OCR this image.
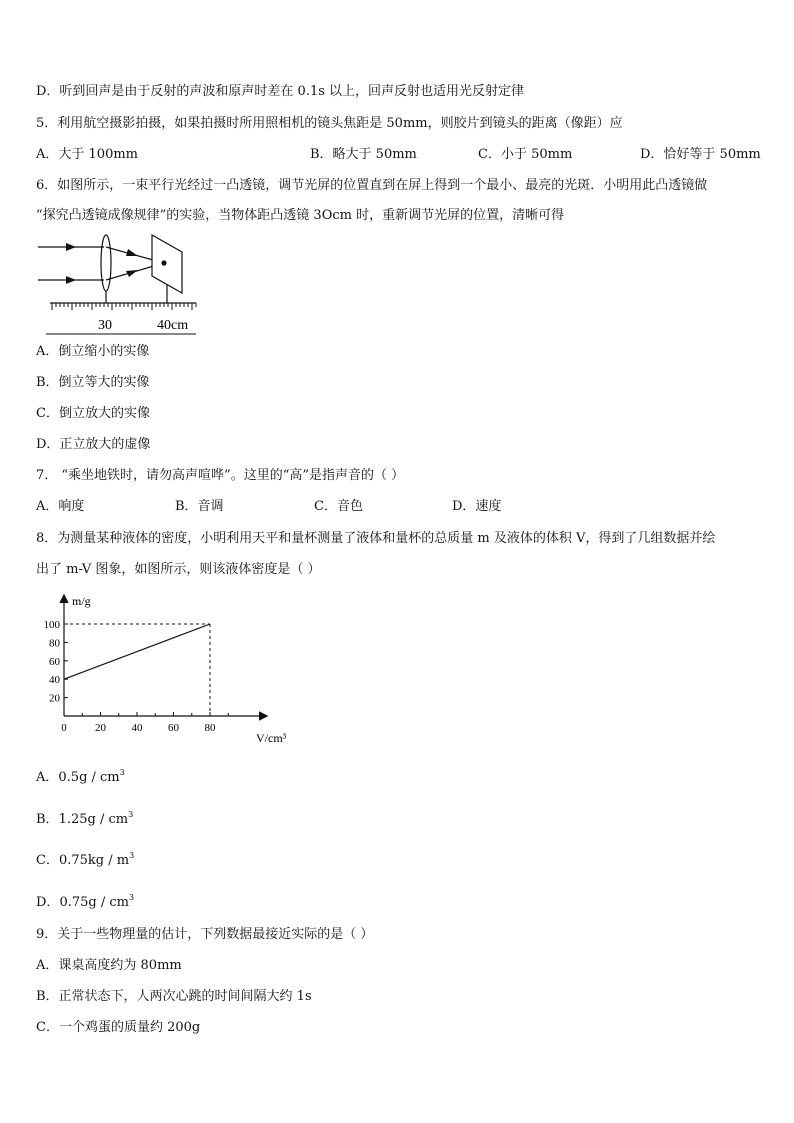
D．听到回声是由于反射的声波和原声时差在 0.1s 以上，回声反射也适用光反射定律
5．利用航空摄影拍摄，如果拍摄时所用照相机的镜头焦距是 50mm，则胶片到镜头的距离（像距）应
A．大于 100mm	B．略大于 50mm	C．小于 50mm	D．恰好等于 50mm
6．如图所示，一束平行光经过一凸透镜，调节光屏的位置直到在屏上得到一个最小、最亮的光斑．小明用此凸透镜做
“探究凸透镜成像规律”的实验，当物体距凸透镜 3Ocm 时，重新调节光屏的位置，清晰可得
30	40cm
A．倒立缩小的实像
B．倒立等大的实像
C．倒立放大的实像
D．正立放大的虚像
7． “乘坐地铁时，请勿高声喧哗”。这里的“高”是指声音的（ ）
A．响度	B．音调	C．音色	D．速度
8．为测量某种液体的密度，小明利用天平和量杯测量了液体和量杯的总质量 m 及液体的体积 V，得到了几组数据并绘
出了 m-V 图象，如图所示，则该液体密度是（ ）
0	20 40 60 80
20
40
60
80
100
m/g
V/cm³
A．$0.5g / cm^3$
B．$1.25g / cm^3$
C．$0.75kg / m^3$
D．$0.75g / cm^3$
9．关于一些物理量的估计，下列数据最接近实际的是（ ）
A．课桌高度约为 80mm
B．正常状态下，人两次心跳的时间间隔大约 1s
C．一个鸡蛋的质量约 200g
